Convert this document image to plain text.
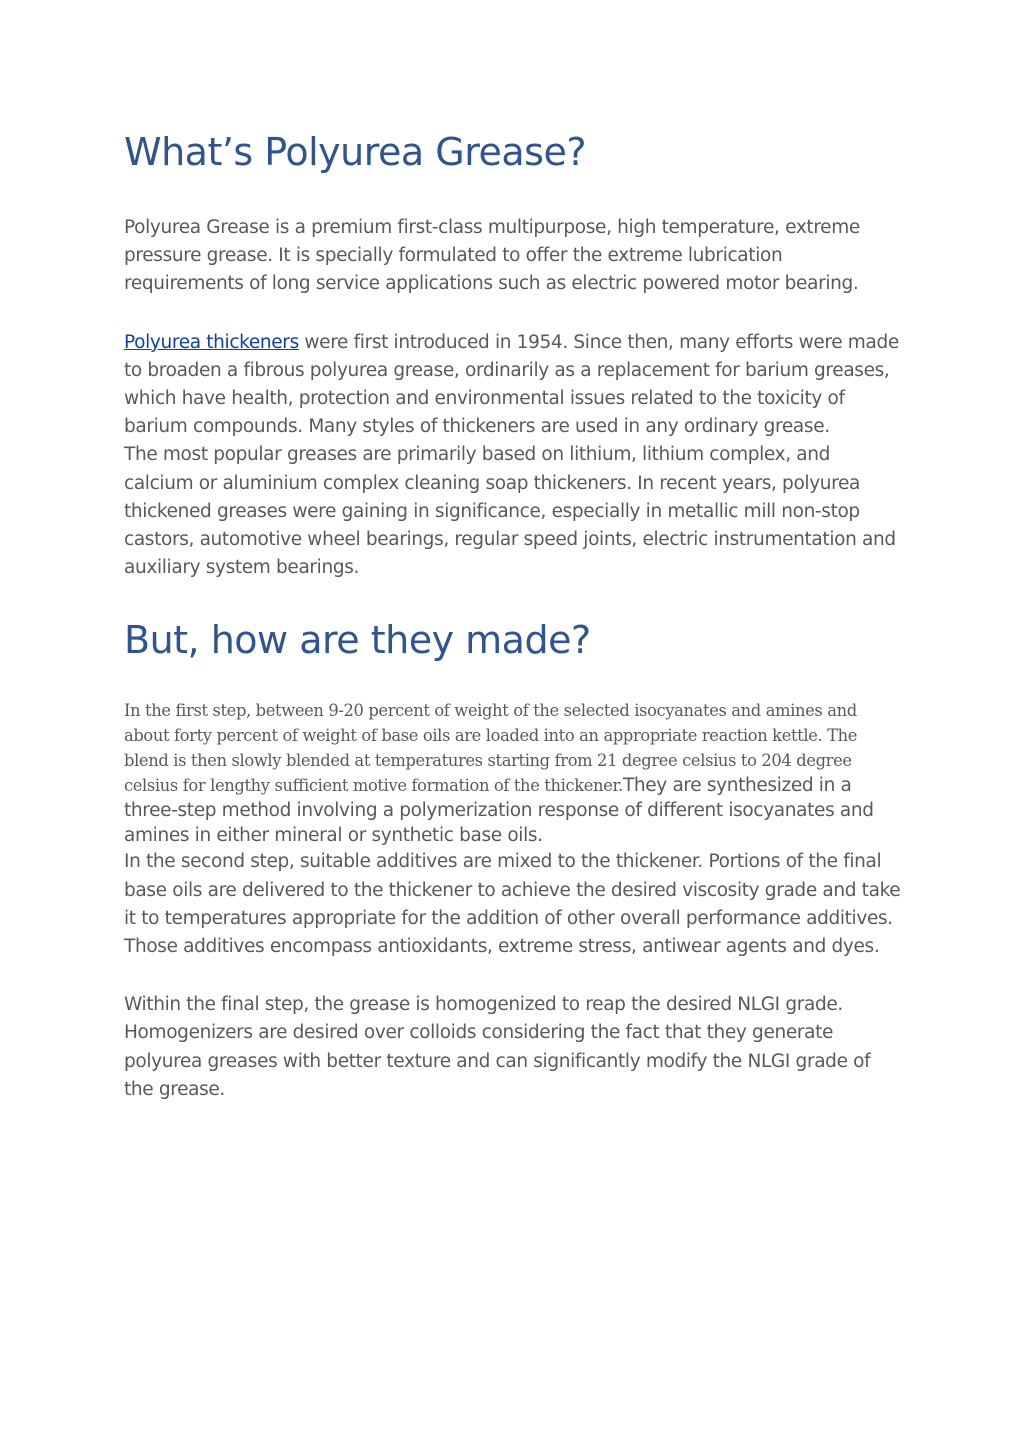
What’s Polyurea Grease?

Polyurea Grease is a premium first-class multipurpose, high temperature, extreme pressure grease. It is specially formulated to offer the extreme lubrication requirements of long service applications such as electric powered motor bearing.

Polyurea thickeners were first introduced in 1954. Since then, many efforts were made to broaden a fibrous polyurea grease, ordinarily as a replacement for barium greases, which have health, protection and environmental issues related to the toxicity of barium compounds. Many styles of thickeners are used in any ordinary grease.

The most popular greases are primarily based on lithium, lithium complex, and calcium or aluminium complex cleaning soap thickeners. In recent years, polyurea thickened greases were gaining in significance, especially in metallic mill non-stop castors, automotive wheel bearings, regular speed joints, electric instrumentation and auxiliary system bearings.

But, how are they made?

In the first step, between 9-20 percent of weight of the selected isocyanates and amines and about forty percent of weight of base oils are loaded into an appropriate reaction kettle. The blend is then slowly blended at temperatures starting from 21 degree celsius to 204 degree celsius for lengthy sufficient motive formation of the thickener.They are synthesized in a three-step method involving a polymerization response of different isocyanates and amines in either mineral or synthetic base oils.

In the second step, suitable additives are mixed to the thickener. Portions of the final base oils are delivered to the thickener to achieve the desired viscosity grade and take it to temperatures appropriate for the addition of other overall performance additives. Those additives encompass antioxidants, extreme stress, antiwear agents and dyes.

Within the final step, the grease is homogenized to reap the desired NLGI grade. Homogenizers are desired over colloids considering the fact that they generate polyurea greases with better texture and can significantly modify the NLGI grade of the grease.
